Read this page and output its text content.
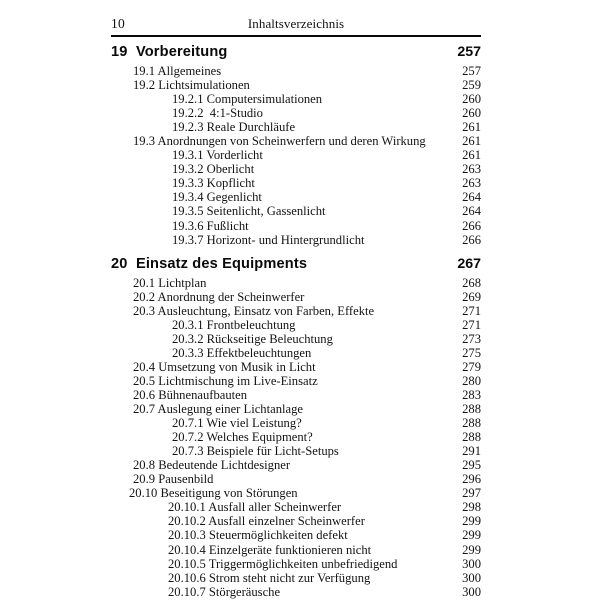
10	Inhaltsverzeichnis
19  Vorbereitung	257
19.1 Allgemeines	257
19.2 Lichtsimulationen	259
19.2.1 Computersimulationen	260
19.2.2  4:1-Studio	260
19.2.3 Reale Durchläufe	261
19.3 Anordnungen von Scheinwerfern und deren Wirkung	261
19.3.1 Vorderlicht	261
19.3.2 Oberlicht	263
19.3.3 Kopflicht	263
19.3.4 Gegenlicht	264
19.3.5 Seitenlicht, Gassenlicht	264
19.3.6 Fußlicht	266
19.3.7 Horizont- und Hintergrundlicht	266
20  Einsatz des Equipments	267
20.1 Lichtplan	268
20.2 Anordnung der Scheinwerfer	269
20.3 Ausleuchtung, Einsatz von Farben, Effekte	271
20.3.1 Frontbeleuchtung	271
20.3.2 Rückseitige Beleuchtung	273
20.3.3 Effektbeleuchtungen	275
20.4 Umsetzung von Musik in Licht	279
20.5 Lichtmischung im Live-Einsatz	280
20.6 Bühnenaufbauten	283
20.7 Auslegung einer Lichtanlage	288
20.7.1 Wie viel Leistung?	288
20.7.2 Welches Equipment?	288
20.7.3 Beispiele für Licht-Setups	291
20.8 Bedeutende Lichtdesigner	295
20.9 Pausenbild	296
20.10 Beseitigung von Störungen	297
20.10.1 Ausfall aller Scheinwerfer	298
20.10.2 Ausfall einzelner Scheinwerfer	299
20.10.3 Steuermöglichkeiten defekt	299
20.10.4 Einzelgeräte funktionieren nicht	299
20.10.5 Triggermöglichkeiten unbefriedigend	300
20.10.6 Strom steht nicht zur Verfügung	300
20.10.7 Störgeräusche	300
